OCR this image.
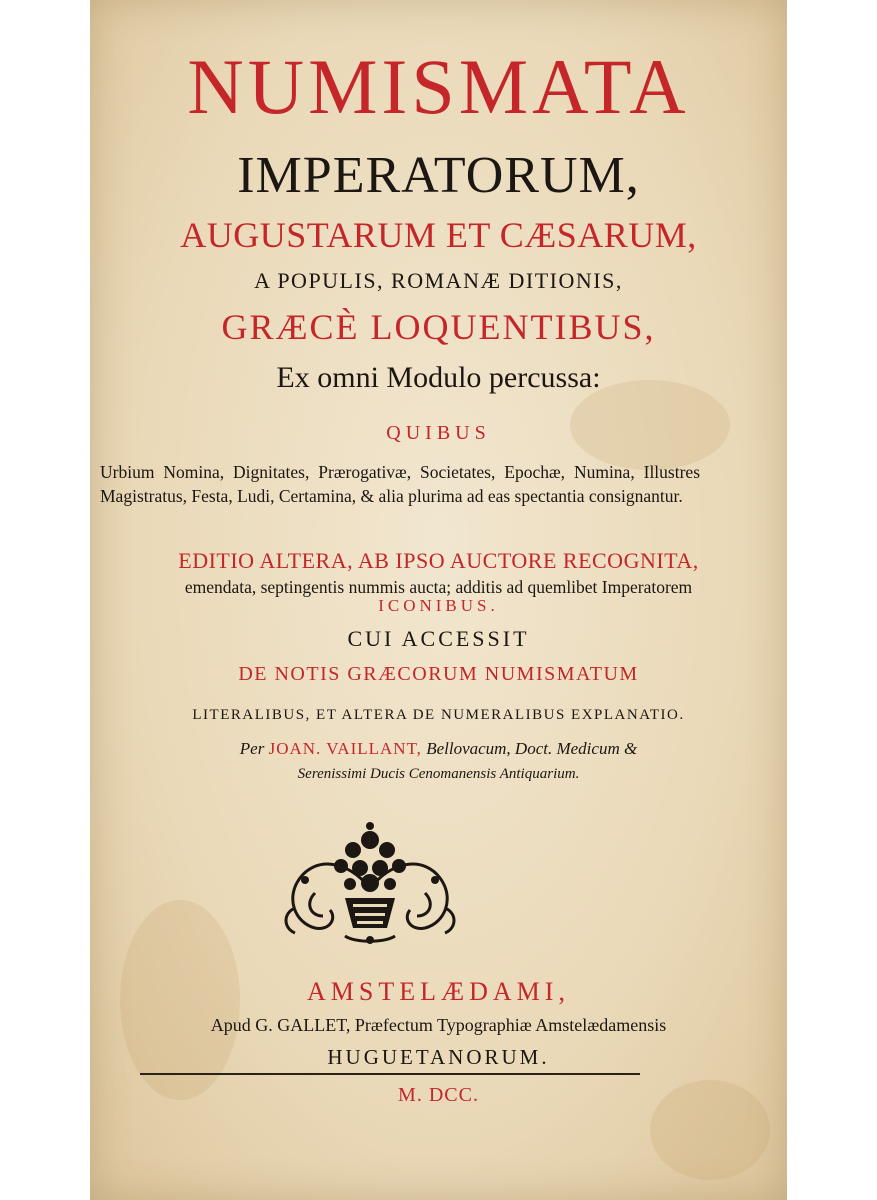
NUMISMATA

IMPERATORUM,

AUGUSTARUM ET CÆSARUM,

A POPULIS, ROMANÆ DITIONIS,

GRÆCÈ LOQUENTIBUS,

Ex omni Modulo percussa:

QUIBUS

Urbium Nomina, Dignitates, Prærogativæ, Societates, Epochæ, Numina, Illustres Magistratus, Festa, Ludi, Certamina, & alia plurima ad eas spectantia consignantur.

EDITIO ALTERA, AB IPSO AUCTORE RECOGNITA,

emendata, septingentis nummis aucta; additis ad quemlibet Imperatorem

ICONIBUS.

CUI ACCESSIT

DE NOTIS GRÆCORUM NUMISMATUM

LITERALIBUS, ET ALTERA DE NUMERALIBUS EXPLANATIO.

Per JOAN. VAILLANT, Bellovacum, Doct. Medicum &

Serenissimi Ducis Cenomanensis Antiquarium.

AMSTELÆDAMI,

Apud G. GALLET, Præfectum Typographiæ Amstelædamensis

HUGUETANORUM.

M. DCC.
